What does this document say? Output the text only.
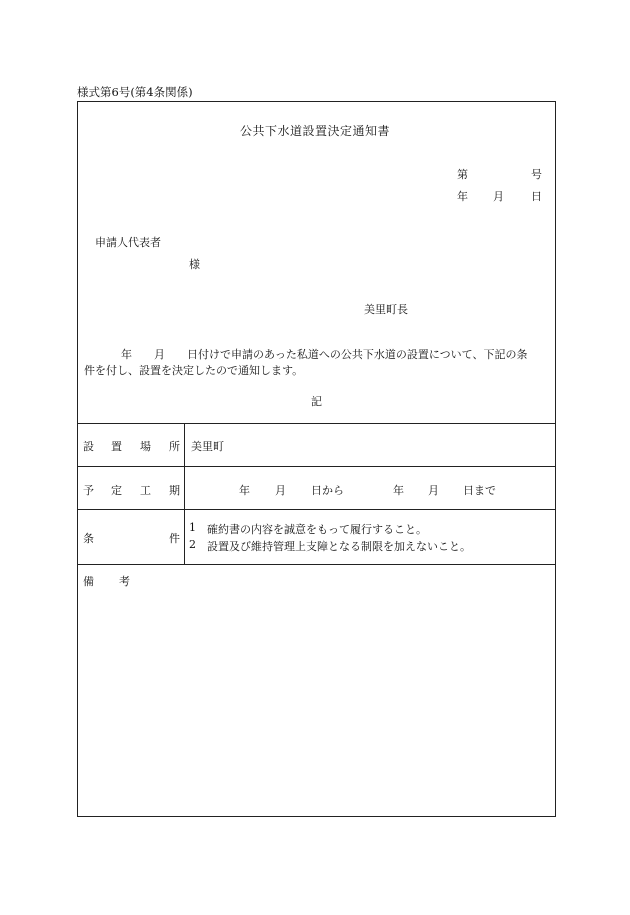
様式第6号(第4条関係)
公共下水道設置決定通知書
第	号
年 月 日
申請人代表者
様
美里町長
年 月 日付けで申請のあった私道への公共下水道の設置について、下記の条
件を付し、設置を決定したので通知します。
記
設 置 場 所 美里町
予 定 工 期	年 月 日から	年 月 日まで
条	件
1 確約書の内容を誠意をもって履行すること。
2 設置及び維持管理上支障となる制限を加えないこと。
備 考
